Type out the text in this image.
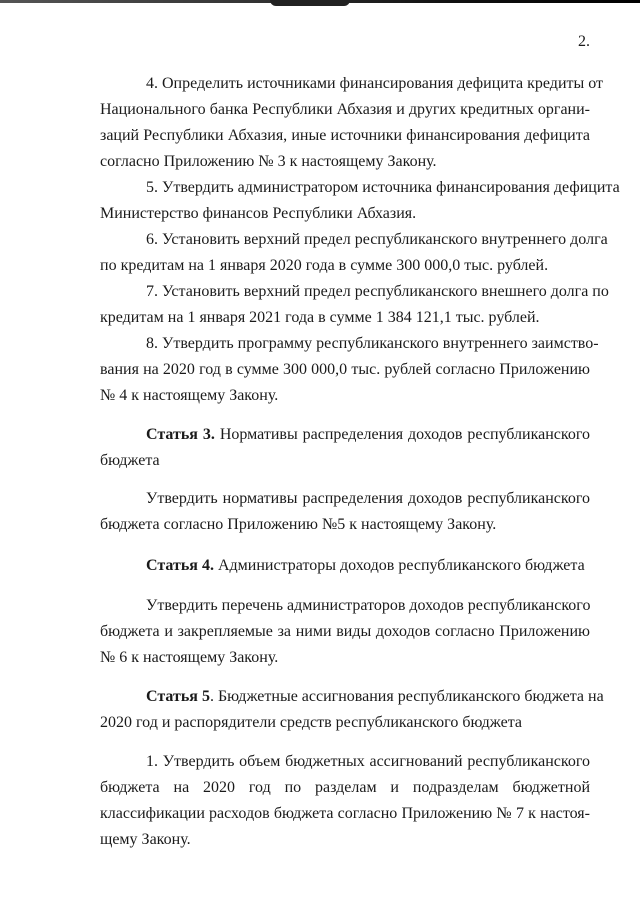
2.
4. Определить источниками финансирования дефицита кредиты от
Национального банка Республики Абхазия и других кредитных органи-
заций Республики Абхазия, иные источники финансирования дефицита
согласно Приложению № 3 к настоящему Закону.
5. Утвердить администратором источника финансирования дефицита
Министерство финансов Республики Абхазия.
6. Установить верхний предел республиканского внутреннего долга
по кредитам на 1 января 2020 года в сумме 300 000,0 тыс. рублей.
7. Установить верхний предел республиканского внешнего долга по
кредитам на 1 января 2021 года в сумме 1 384 121,1 тыс. рублей.
8. Утвердить программу республиканского внутреннего заимство-
вания на 2020 год в сумме 300 000,0 тыс. рублей согласно Приложению
№ 4 к настоящему Закону.
Статья 3. Нормативы распределения доходов республиканского
бюджета
Утвердить нормативы распределения доходов республиканского
бюджета согласно Приложению №5 к настоящему Закону.
Статья 4. Администраторы доходов республиканского бюджета
Утвердить перечень администраторов доходов республиканского
бюджета и закрепляемые за ними виды доходов согласно Приложению
№ 6 к настоящему Закону.
Статья 5. Бюджетные ассигнования республиканского бюджета на
2020 год и распорядители средств республиканского бюджета
1. Утвердить объем бюджетных ассигнований республиканского
бюджета на 2020 год по разделам и подразделам бюджетной
классификации расходов бюджета согласно Приложению № 7 к настоя-
щему Закону.
